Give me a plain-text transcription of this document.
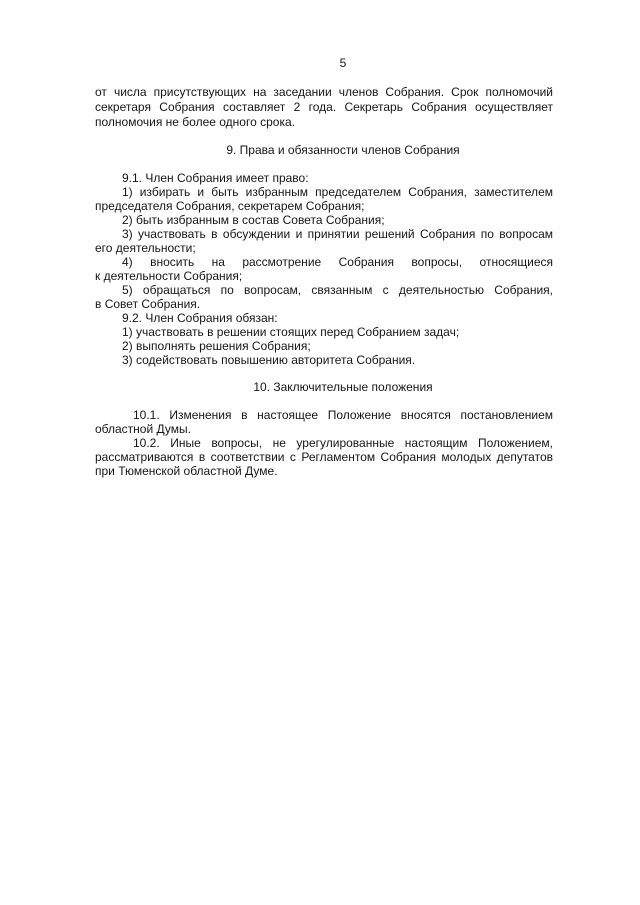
5
от числа присутствующих на заседании членов Собрания. Срок полномочий
секретаря Собрания составляет 2 года. Секретарь Собрания осуществляет
полномочия не более одного срока.
9. Права и обязанности членов Собрания
9.1. Член Собрания имеет право:
1) избирать и быть избранным председателем Собрания, заместителем
председателя Собрания, секретарем Собрания;
2) быть избранным в состав Совета Собрания;
3) участвовать в обсуждении и принятии решений Собрания по вопросам
его деятельности;
4) вносить на рассмотрение Собрания вопросы, относящиеся
к деятельности Собрания;
5) обращаться по вопросам, связанным с деятельностью Собрания,
в Совет Собрания.
9.2. Член Собрания обязан:
1) участвовать в решении стоящих перед Собранием задач;
2) выполнять решения Собрания;
3) содействовать повышению авторитета Собрания.
10. Заключительные положения
10.1. Изменения в настоящее Положение вносятся постановлением
областной Думы.
10.2. Иные вопросы, не урегулированные настоящим Положением,
рассматриваются в соответствии с Регламентом Собрания молодых депутатов
при Тюменской областной Думе.
